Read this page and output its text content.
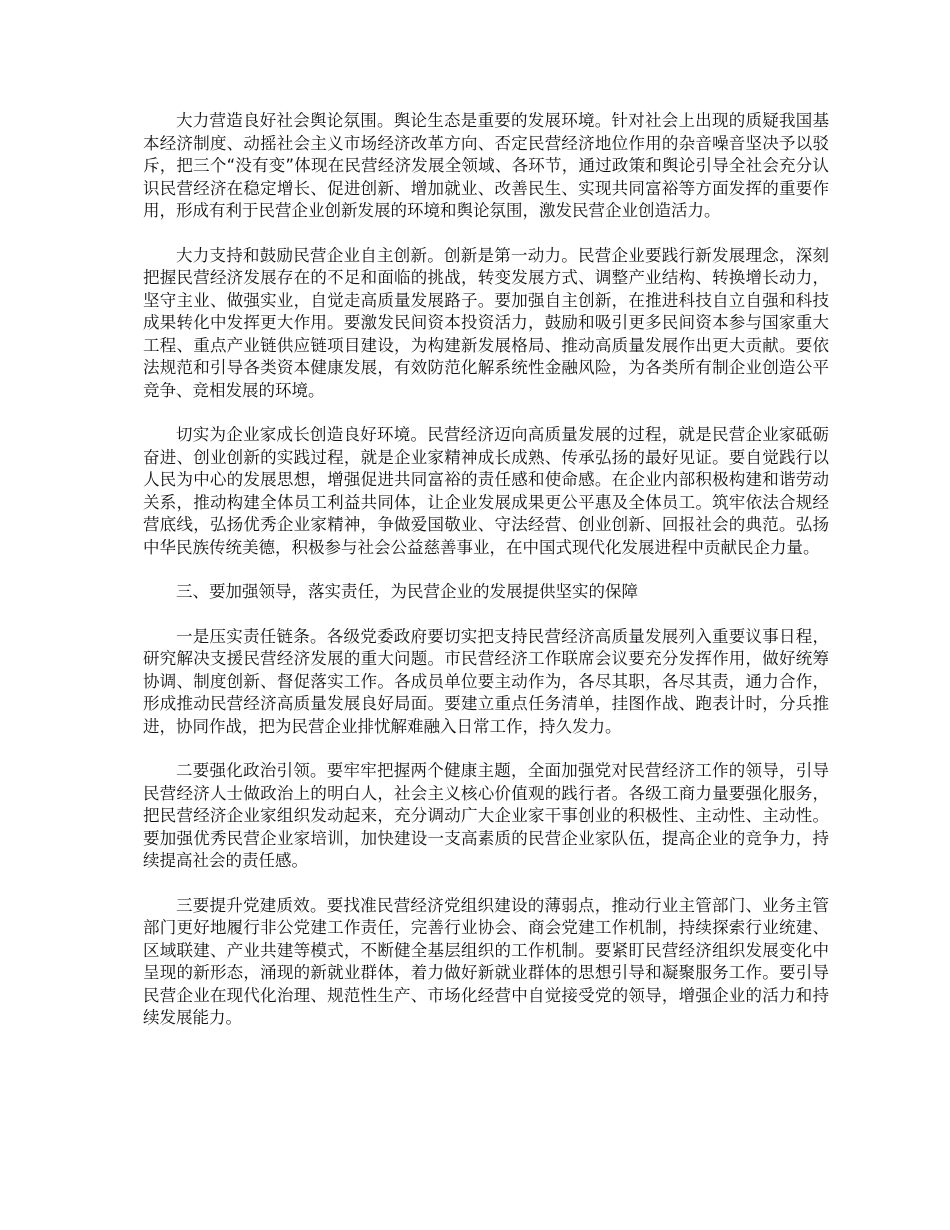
大力营造良好社会舆论氛围。舆论生态是重要的发展环境。针对社会上出现的质疑我国基本经济制度、动摇社会主义市场经济改革方向、否定民营经济地位作用的杂音噪音坚决予以驳斥，把三个“没有变”体现在民营经济发展全领域、各环节，通过政策和舆论引导全社会充分认识民营经济在稳定增长、促进创新、增加就业、改善民生、实现共同富裕等方面发挥的重要作用，形成有利于民营企业创新发展的环境和舆论氛围，激发民营企业创造活力。

大力支持和鼓励民营企业自主创新。创新是第一动力。民营企业要践行新发展理念，深刻把握民营经济发展存在的不足和面临的挑战，转变发展方式、调整产业结构、转换增长动力，坚守主业、做强实业，自觉走高质量发展路子。要加强自主创新，在推进科技自立自强和科技成果转化中发挥更大作用。要激发民间资本投资活力，鼓励和吸引更多民间资本参与国家重大工程、重点产业链供应链项目建设，为构建新发展格局、推动高质量发展作出更大贡献。要依法规范和引导各类资本健康发展，有效防范化解系统性金融风险，为各类所有制企业创造公平竞争、竞相发展的环境。

切实为企业家成长创造良好环境。民营经济迈向高质量发展的过程，就是民营企业家砥砺奋进、创业创新的实践过程，就是企业家精神成长成熟、传承弘扬的最好见证。要自觉践行以人民为中心的发展思想，增强促进共同富裕的责任感和使命感。在企业内部积极构建和谐劳动关系，推动构建全体员工利益共同体，让企业发展成果更公平惠及全体员工。筑牢依法合规经营底线，弘扬优秀企业家精神，争做爱国敬业、守法经营、创业创新、回报社会的典范。弘扬中华民族传统美德，积极参与社会公益慈善事业，在中国式现代化发展进程中贡献民企力量。

三、要加强领导，落实责任，为民营企业的发展提供坚实的保障

一是压实责任链条。各级党委政府要切实把支持民营经济高质量发展列入重要议事日程，研究解决支援民营经济发展的重大问题。市民营经济工作联席会议要充分发挥作用，做好统筹协调、制度创新、督促落实工作。各成员单位要主动作为，各尽其职，各尽其责，通力合作，形成推动民营经济高质量发展良好局面。要建立重点任务清单，挂图作战、跑表计时，分兵推进，协同作战，把为民营企业排忧解难融入日常工作，持久发力。

二要强化政治引领。要牢牢把握两个健康主题，全面加强党对民营经济工作的领导，引导民营经济人士做政治上的明白人，社会主义核心价值观的践行者。各级工商力量要强化服务，把民营经济企业家组织发动起来，充分调动广大企业家干事创业的积极性、主动性、主动性。要加强优秀民营企业家培训，加快建设一支高素质的民营企业家队伍，提高企业的竞争力，持续提高社会的责任感。

三要提升党建质效。要找准民营经济党组织建设的薄弱点，推动行业主管部门、业务主管部门更好地履行非公党建工作责任，完善行业协会、商会党建工作机制，持续探索行业统建、区域联建、产业共建等模式，不断健全基层组织的工作机制。要紧盯民营经济组织发展变化中呈现的新形态，涌现的新就业群体，着力做好新就业群体的思想引导和凝聚服务工作。要引导民营企业在现代化治理、规范性生产、市场化经营中自觉接受党的领导，增强企业的活力和持续发展能力。
